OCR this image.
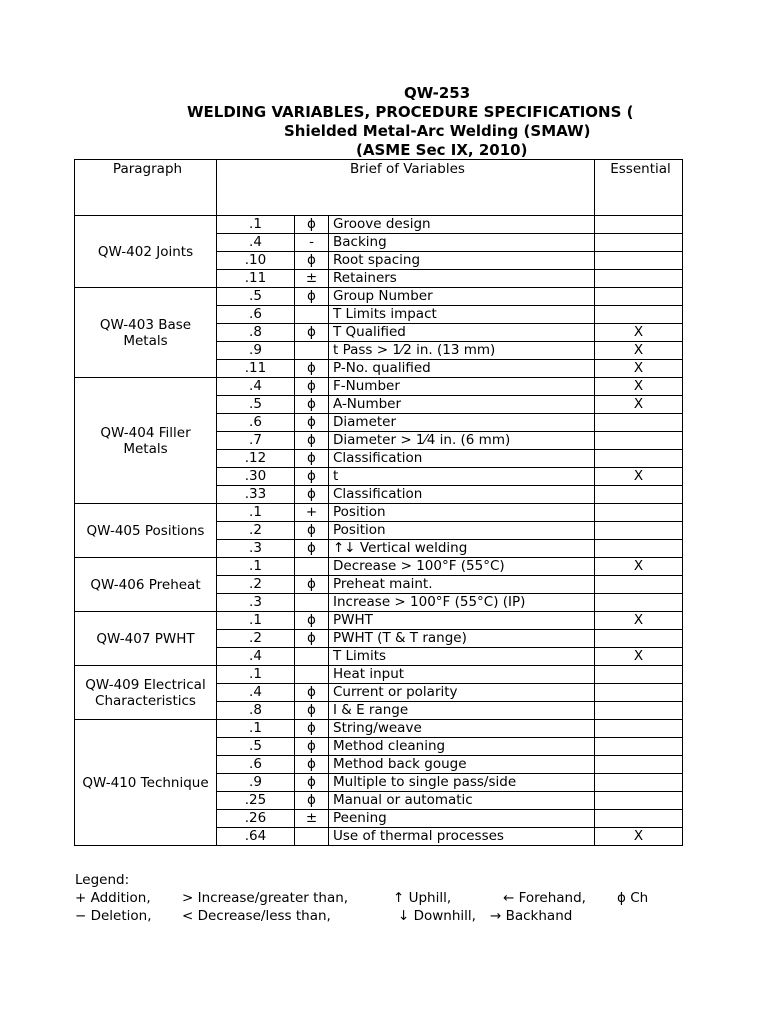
QW-253
WELDING VARIABLES, PROCEDURE SPECIFICATIONS (
Shielded Metal-Arc Welding (SMAW)
(ASME Sec IX, 2010)
Paragraph	Brief of Variables			Essential
QW-402 Joints	.1	ϕ	Groove design	
	.4	-	Backing	
	.10	ϕ	Root spacing	
	.11	±	Retainers	
QW-403 Base Metals	.5	ϕ	Group Number	
	.6		T Limits impact	
	.8	ϕ	T Qualified	X
	.9		t Pass > 1⁄2 in. (13 mm)	X
	.11	ϕ	P-No. qualified	X
QW-404 Filler Metals	.4	ϕ	F-Number	X
	.5	ϕ	A-Number	X
	.6	ϕ	Diameter	
	.7	ϕ	Diameter > 1⁄4 in. (6 mm)	
	.12	ϕ	Classification	
	.30	ϕ	t	X
	.33	ϕ	Classification	
QW-405 Positions	.1	+	Position	
	.2	ϕ	Position	
	.3	ϕ	↑↓ Vertical welding	
QW-406 Preheat	.1		Decrease > 100°F (55°C)	X
	.2	ϕ	Preheat maint.	
	.3		Increase > 100°F (55°C) (IP)	
QW-407 PWHT	.1	ϕ	PWHT	X
	.2	ϕ	PWHT (T & T range)	
	.4		T Limits	X
QW-409 Electrical Characteristics	.1		Heat input	
	.4	ϕ	Current or polarity	
	.8	ϕ	I & E range	
QW-410 Technique	.1	ϕ	String/weave	
	.5	ϕ	Method cleaning	
	.6	ϕ	Method back gouge	
	.9	ϕ	Multiple to single pass/side	
	.25	ϕ	Manual or automatic	
	.26	±	Peening	
	.64		Use of thermal processes	X
Legend:
+ Addition, > Increase/greater than,	↑ Uphill,	← Forehand, ϕ Ch
− Deletion, < Decrease/less than,	↓ Downhill, → Backhand
